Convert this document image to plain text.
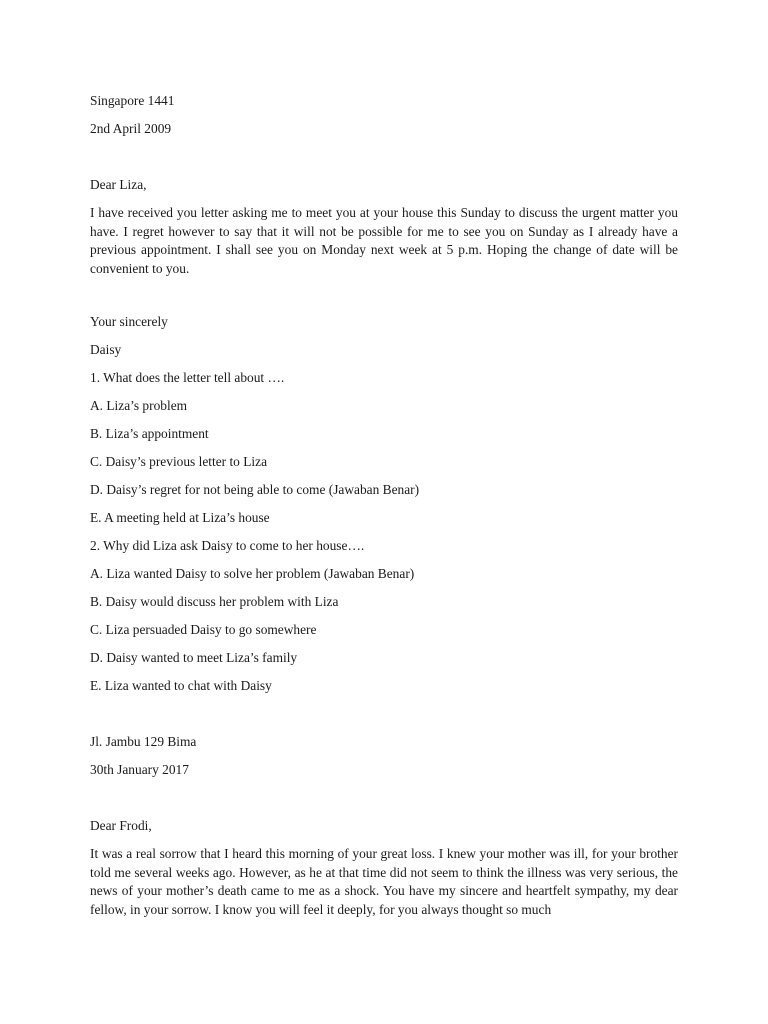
Singapore 1441

2nd April 2009

Dear Liza,

I have received you letter asking me to meet you at your house this Sunday to discuss the urgent matter you have. I regret however to say that it will not be possible for me to see you on Sunday as I already have a previous appointment. I shall see you on Monday next week at 5 p.m. Hoping the change of date will be convenient to you.

Your sincerely

Daisy

1. What does the letter tell about ….

A. Liza’s problem

B. Liza’s appointment

C. Daisy’s previous letter to Liza

D. Daisy’s regret for not being able to come (Jawaban Benar)

E. A meeting held at Liza’s house

2. Why did Liza ask Daisy to come to her house….

A. Liza wanted Daisy to solve her problem (Jawaban Benar)

B. Daisy would discuss her problem with Liza

C. Liza persuaded Daisy to go somewhere

D. Daisy wanted to meet Liza’s family

E. Liza wanted to chat with Daisy

Jl. Jambu 129 Bima

30th January 2017

Dear Frodi,

It was a real sorrow that I heard this morning of your great loss. I knew your mother was ill, for your brother told me several weeks ago. However, as he at that time did not seem to think the illness was very serious, the news of your mother’s death came to me as a shock. You have my sincere and heartfelt sympathy, my dear fellow, in your sorrow. I know you will feel it deeply, for you always thought so much
